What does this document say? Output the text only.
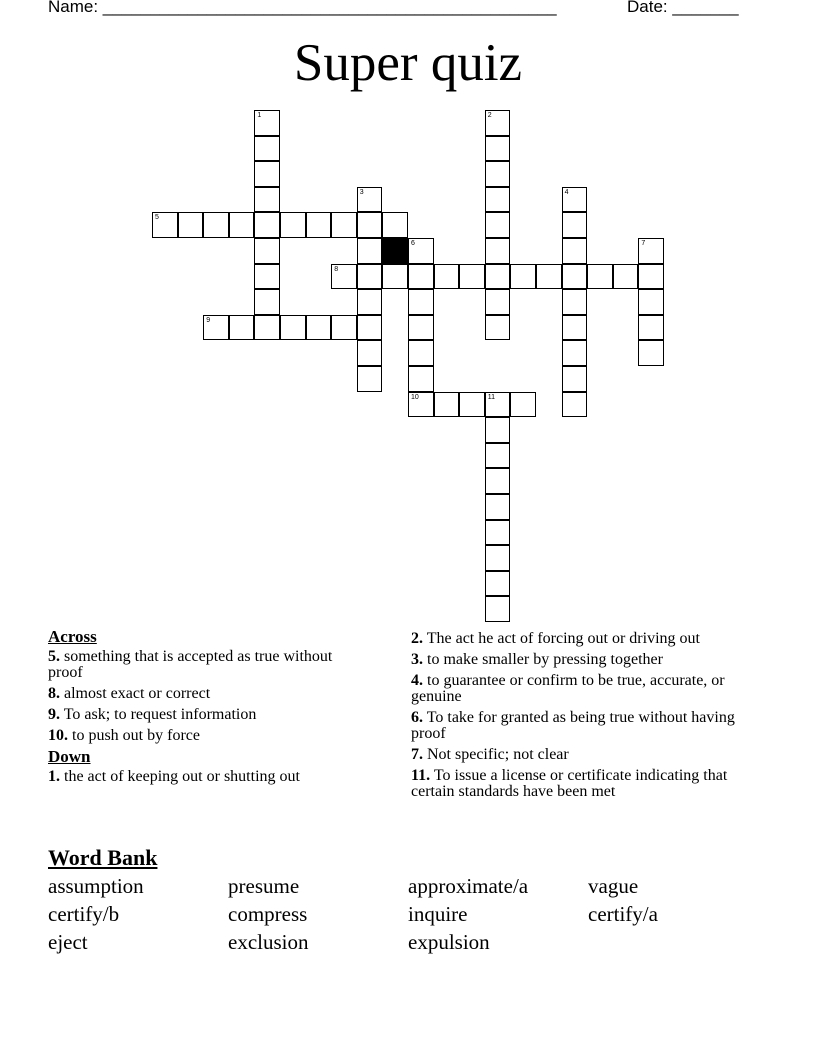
Name: ________________________________________________	Date: _______
Super quiz
1	2
3	4
5
6	7
8
9
10	11
Across
5. something that is accepted as true without proof
8. almost exact or correct
9. To ask; to request information
10. to push out by force
Down
1. the act of keeping out or shutting out
2. The act he act of forcing out or driving out
3. to make smaller by pressing together
4. to guarantee or confirm to be true, accurate, or genuine
6. To take for granted as being true without having proof
7. Not specific; not clear
11. To issue a license or certificate indicating that certain standards have been met
Word Bank
assumption	presume	approximate/a	vague
certify/b	compress	inquire	certify/a
eject	exclusion	expulsion
